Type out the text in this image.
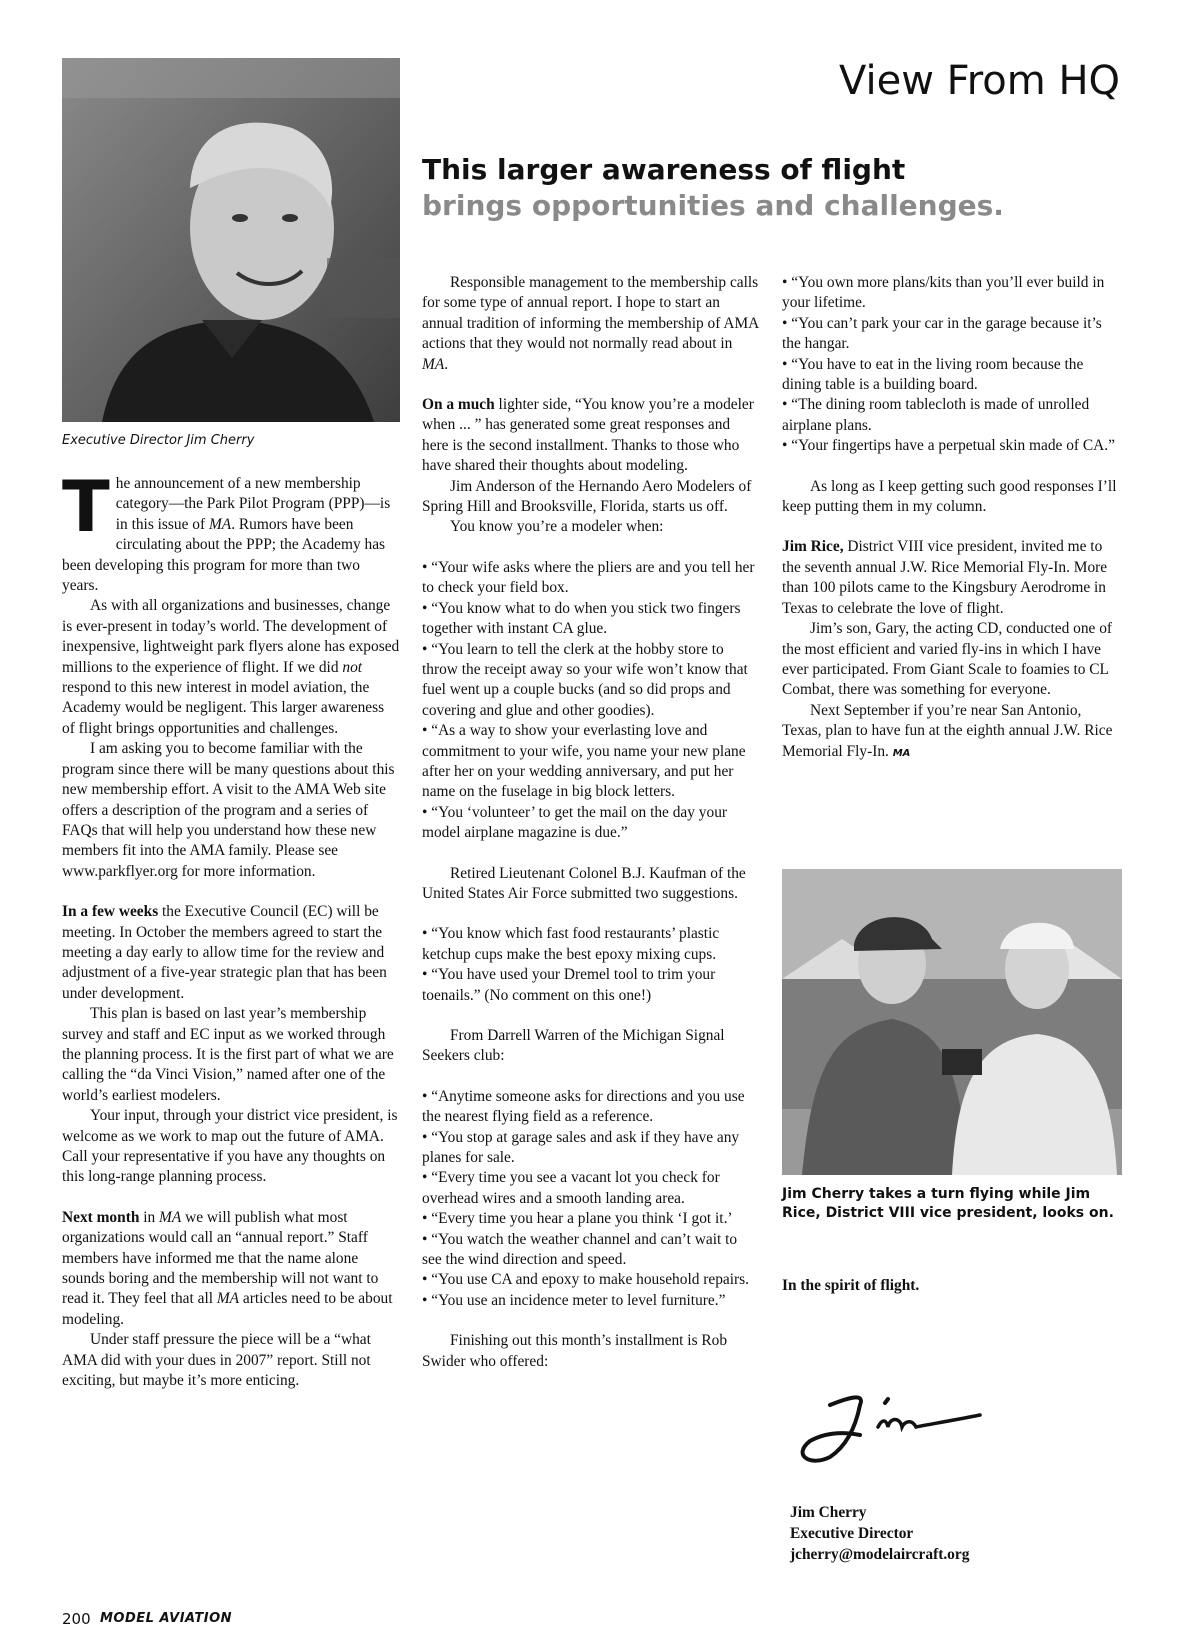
View From HQ
Executive Director Jim Cherry
This larger awareness of flight
brings opportunities and challenges.

The announcement of a new membership category—the Park Pilot Program (PPP)—is in this issue of MA. Rumors have been circulating about the PPP; the Academy has been developing this program for more than two years.

As with all organizations and businesses, change is ever-present in today’s world. The development of inexpensive, lightweight park flyers alone has exposed millions to the experience of flight. If we did not respond to this new interest in model aviation, the Academy would be negligent. This larger awareness of flight brings opportunities and challenges.

I am asking you to become familiar with the program since there will be many questions about this new membership effort. A visit to the AMA Web site offers a description of the program and a series of FAQs that will help you understand how these new members fit into the AMA family. Please see www.parkflyer.org for more information.

In a few weeks the Executive Council (EC) will be meeting. In October the members agreed to start the meeting a day early to allow time for the review and adjustment of a five-year strategic plan that has been under development.

This plan is based on last year’s membership survey and staff and EC input as we worked through the planning process. It is the first part of what we are calling the “da Vinci Vision,” named after one of the world’s earliest modelers.

Your input, through your district vice president, is welcome as we work to map out the future of AMA. Call your representative if you have any thoughts on this long-range planning process.

Next month in MA we will publish what most organizations would call an “annual report.” Staff members have informed me that the name alone sounds boring and the membership will not want to read it. They feel that all MA articles need to be about modeling.

Under staff pressure the piece will be a “what AMA did with your dues in 2007” report. Still not exciting, but maybe it’s more enticing.

Responsible management to the membership calls for some type of annual report. I hope to start an annual tradition of informing the membership of AMA actions that they would not normally read about in MA.

On a much lighter side, “You know you’re a modeler when ... ” has generated some great responses and here is the second installment. Thanks to those who have shared their thoughts about modeling.

Jim Anderson of the Hernando Aero Modelers of Spring Hill and Brooksville, Florida, starts us off.

You know you’re a modeler when:

• “Your wife asks where the pliers are and you tell her to check your field box.

• “You know what to do when you stick two fingers together with instant CA glue.

• “You learn to tell the clerk at the hobby store to throw the receipt away so your wife won’t know that fuel went up a couple bucks (and so did props and covering and glue and other goodies).

• “As a way to show your everlasting love and commitment to your wife, you name your new plane after her on your wedding anniversary, and put her name on the fuselage in big block letters.

• “You ‘volunteer’ to get the mail on the day your model airplane magazine is due.”

Retired Lieutenant Colonel B.J. Kaufman of the United States Air Force submitted two suggestions.

• “You know which fast food restaurants’ plastic ketchup cups make the best epoxy mixing cups.

• “You have used your Dremel tool to trim your toenails.” (No comment on this one!)

From Darrell Warren of the Michigan Signal Seekers club:

• “Anytime someone asks for directions and you use the nearest flying field as a reference.

• “You stop at garage sales and ask if they have any planes for sale.

• “Every time you see a vacant lot you check for overhead wires and a smooth landing area.

• “Every time you hear a plane you think ‘I got it.’

• “You watch the weather channel and can’t wait to see the wind direction and speed.

• “You use CA and epoxy to make household repairs.

• “You use an incidence meter to level furniture.”

Finishing out this month’s installment is Rob Swider who offered:

• “You own more plans/kits than you’ll ever build in your lifetime.

• “You can’t park your car in the garage because it’s the hangar.

• “You have to eat in the living room because the dining table is a building board.

• “The dining room tablecloth is made of unrolled airplane plans.

• “Your fingertips have a perpetual skin made of CA.”

As long as I keep getting such good responses I’ll keep putting them in my column.

Jim Rice, District VIII vice president, invited me to the seventh annual J.W. Rice Memorial Fly-In. More than 100 pilots came to the Kingsbury Aerodrome in Texas to celebrate the love of flight.

Jim’s son, Gary, the acting CD, conducted one of the most efficient and varied fly-ins in which I have ever participated. From Giant Scale to foamies to CL Combat, there was something for everyone.

Next September if you’re near San Antonio, Texas, plan to have fun at the eighth annual J.W. Rice Memorial Fly-In. MA

Jim Cherry takes a turn flying while Jim Rice, District VIII vice president, looks on.
In the spirit of flight.
Jim Cherry
Executive Director
jcherry@modelaircraft.org
200 MODEL AVIATION
